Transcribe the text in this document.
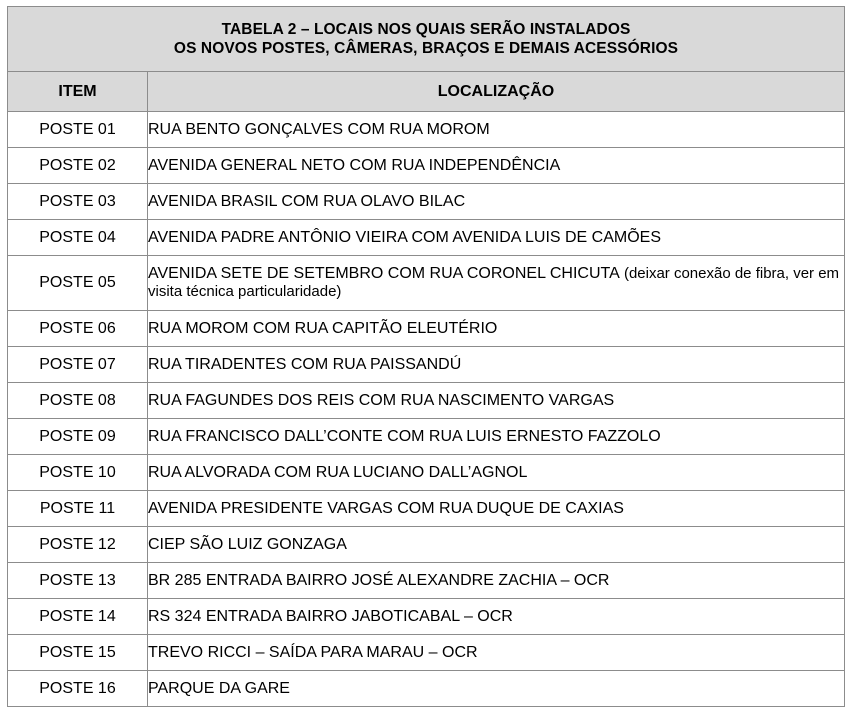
TABELA 2 – LOCAIS NOS QUAIS SERÃO INSTALADOS
OS NOVOS POSTES, CÂMERAS, BRAÇOS E DEMAIS ACESSÓRIOS	

ITEM	LOCALIZAÇÃO
POSTE 01	RUA BENTO GONÇALVES COM RUA MOROM
POSTE 02	AVENIDA GENERAL NETO COM RUA INDEPENDÊNCIA
POSTE 03	AVENIDA BRASIL COM RUA OLAVO BILAC
POSTE 04	AVENIDA PADRE ANTÔNIO VIEIRA COM AVENIDA LUIS DE CAMÕES
POSTE 05	AVENIDA SETE DE SETEMBRO COM RUA CORONEL CHICUTA (deixar conexão de fibra, ver em visita técnica particularidade)
POSTE 06	RUA MOROM COM RUA CAPITÃO ELEUTÉRIO
POSTE 07	RUA TIRADENTES COM RUA PAISSANDÚ
POSTE 08	RUA FAGUNDES DOS REIS COM RUA NASCIMENTO VARGAS
POSTE 09	RUA FRANCISCO DALL’CONTE COM RUA LUIS ERNESTO FAZZOLO
POSTE 10	RUA ALVORADA COM RUA LUCIANO DALL’AGNOL
POSTE 11	AVENIDA PRESIDENTE VARGAS COM RUA DUQUE DE CAXIAS
POSTE 12	CIEP SÃO LUIZ GONZAGA
POSTE 13	BR 285 ENTRADA BAIRRO JOSÉ ALEXANDRE ZACHIA – OCR
POSTE 14	RS 324 ENTRADA BAIRRO JABOTICABAL – OCR
POSTE 15	TREVO RICCI – SAÍDA PARA MARAU – OCR
POSTE 16	PARQUE DA GARE
